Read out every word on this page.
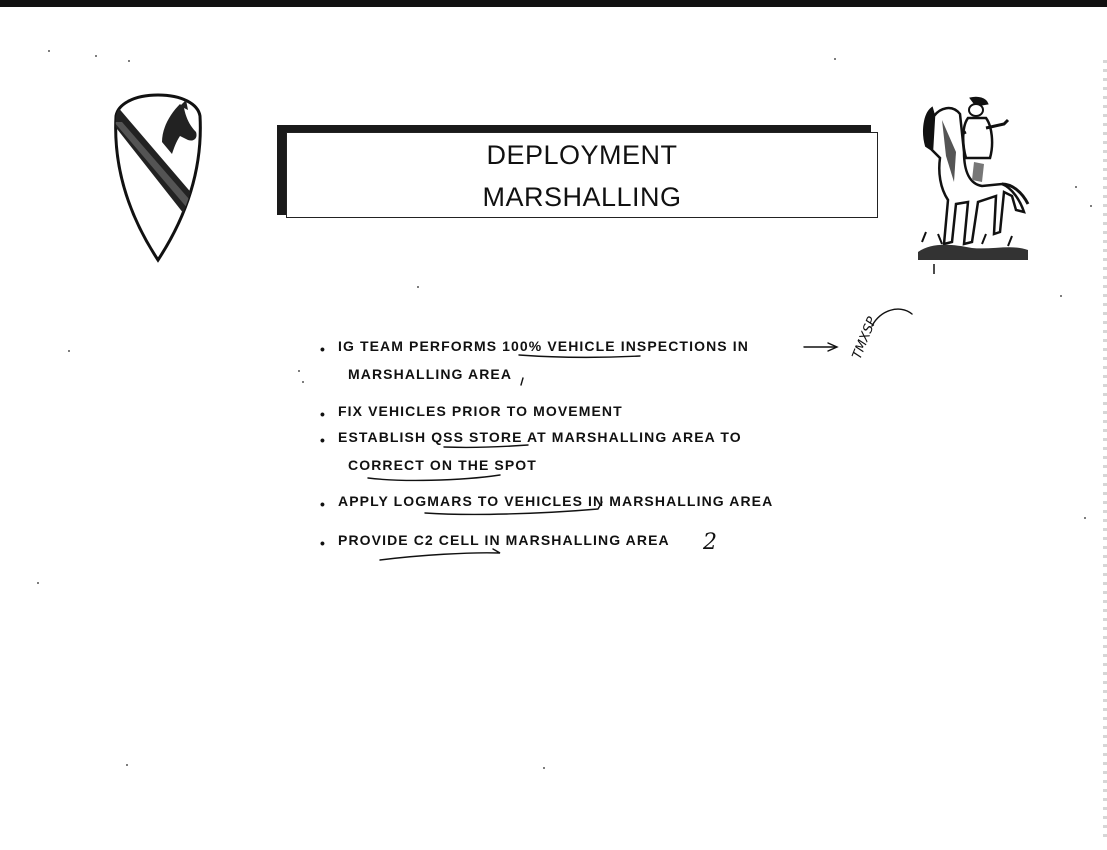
DEPLOYMENT
MARSHALLING
• IG TEAM PERFORMS 100% VEHICLE INSPECTIONS IN
MARSHALLING AREA
• FIX VEHICLES PRIOR TO MOVEMENT
• ESTABLISH QSS STORE AT MARSHALLING AREA TO
CORRECT ON THE SPOT
• APPLY LOGMARS TO VEHICLES IN MARSHALLING AREA
• PROVIDE C2 CELL IN MARSHALLING AREA
TMXSP
2
